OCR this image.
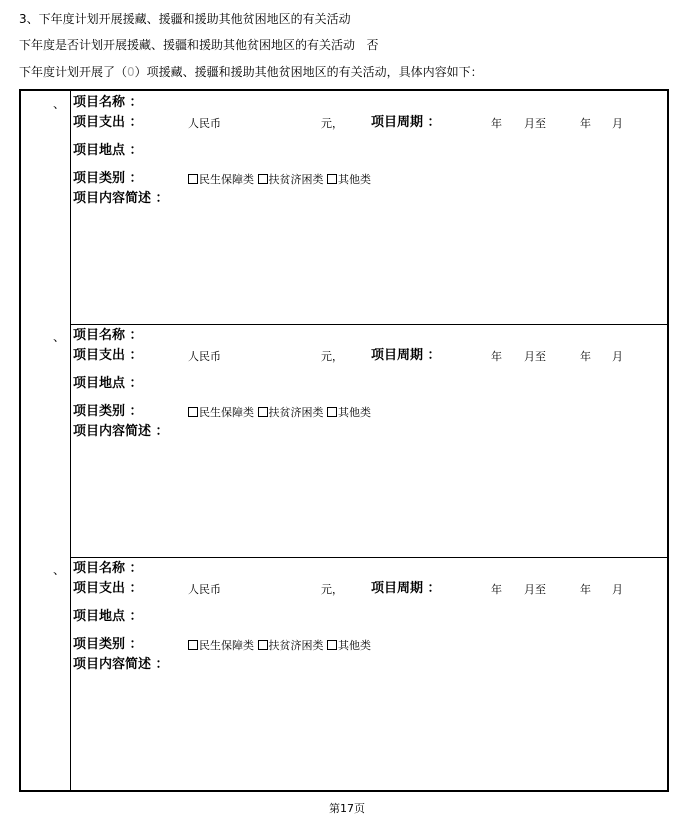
3、下年度计划开展援藏、援疆和援助其他贫困地区的有关活动
下年度是否计划开展援藏、援疆和援助其他贫困地区的有关活动 否
下年度计划开展了（0）项援藏、援疆和援助其他贫困地区的有关活动，具体内容如下：
、 项目名称 ：
项目支出 ：	人民币	元， 项目周期 ：	年 月至	年 月
项目地点 ：
项目类别 ：	民生保障类 扶贫济困类 其他类
项目内容简述 ：
、 项目名称 ：
项目支出 ：	人民币	元， 项目周期 ：	年 月至	年 月
项目地点 ：
项目类别 ：	民生保障类 扶贫济困类 其他类
项目内容简述 ：
、 项目名称 ：
项目支出 ：	人民币	元， 项目周期 ：	年 月至	年 月
项目地点 ：
项目类别 ：	民生保障类 扶贫济困类 其他类
项目内容简述 ：
第17页
